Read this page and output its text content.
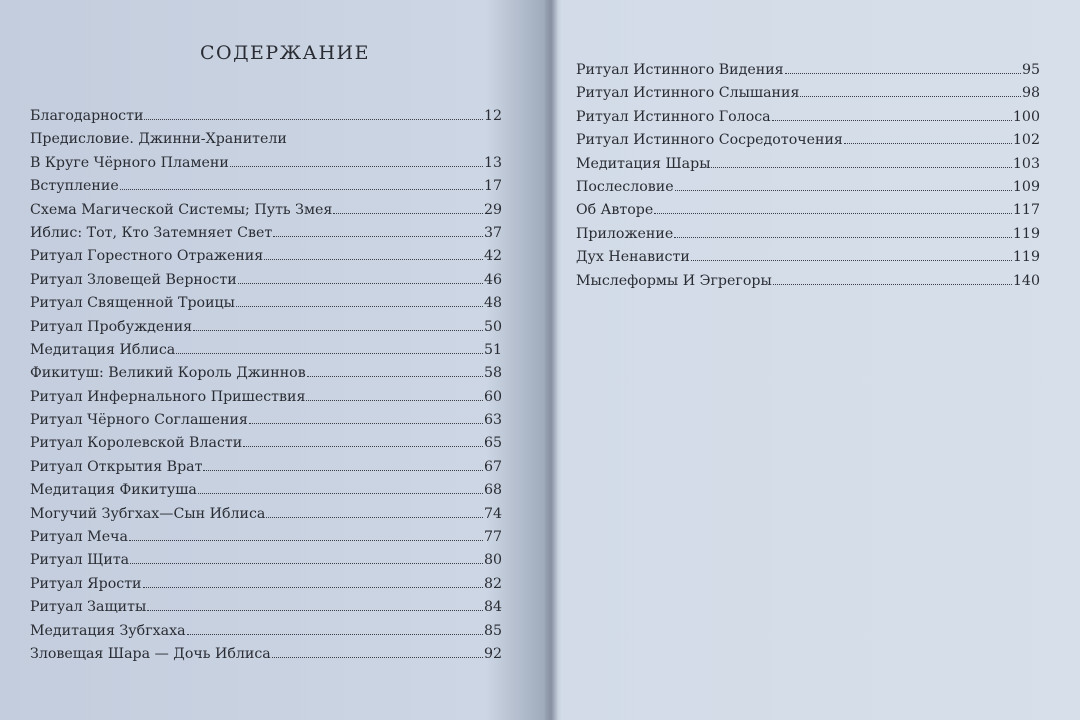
СОДЕРЖАНИЕ
Благодарности	12
Предисловие. Джинни-Хранители
В Круге Чёрного Пламени	13
Вступление	17
Схема Магической Системы; Путь Змея	29
Иблис: Тот, Кто Затемняет Свет	37
Ритуал Горестного Отражения	42
Ритуал Зловещей Верности	46
Ритуал Священной Троицы	48
Ритуал Пробуждения	50
Медитация Иблиса	51
Фикитуш: Великий Король Джиннов	58
Ритуал Инфернального Пришествия	60
Ритуал Чёрного Соглашения	63
Ритуал Королевской Власти	65
Ритуал Открытия Врат	67
Медитация Фикитуша	68
Могучий Зубгхах—Сын Иблиса	74
Ритуал Меча	77
Ритуал Щита	80
Ритуал Ярости	82
Ритуал Защиты	84
Медитация Зубгхаха	85
Зловещая Шара — Дочь Иблиса	92
Ритуал Истинного Видения	95
Ритуал Истинного Слышания	98
Ритуал Истинного Голоса	100
Ритуал Истинного Сосредоточения	102
Медитация Шары	103
Послесловие	109
Об Авторе	117
Приложение	119
Дух Ненависти	119
Мыслеформы И Эгрегоры	140
